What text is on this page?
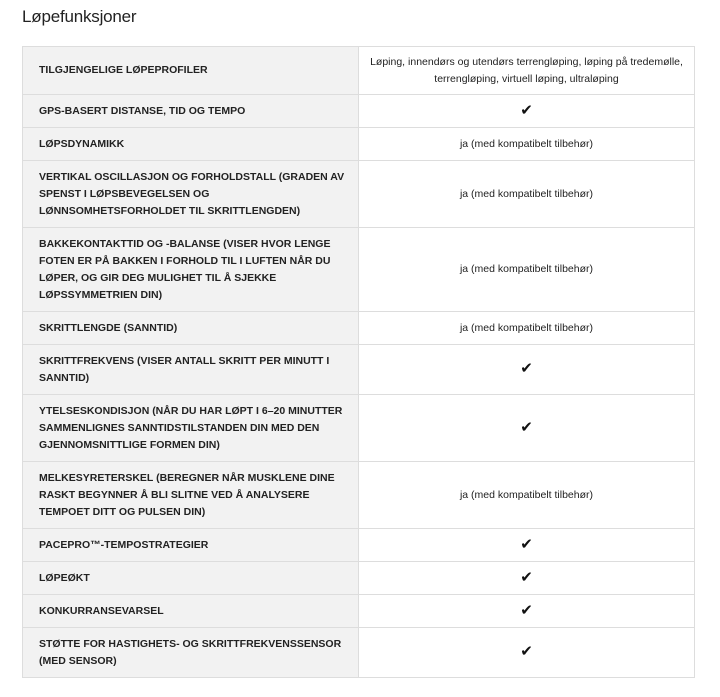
Løpefunksjoner
TILGJENGELIGE LØPEPROFILER	Løping, innendørs og utendørs terrengløping, løping på tredemølle, terrengløping, virtuell løping, ultraløping
GPS-BASERT DISTANSE, TID OG TEMPO	✔
LØPSDYNAMIKK	ja (med kompatibelt tilbehør)
VERTIKAL OSCILLASJON OG FORHOLDSTALL (GRADEN AV SPENST I LØPSBEVEGELSEN OG LØNNSOMHETSFORHOLDET TIL SKRITTLENGDEN)	ja (med kompatibelt tilbehør)
BAKKEKONTAKTTID OG -BALANSE (VISER HVOR LENGE FOTEN ER PÅ BAKKEN I FORHOLD TIL I LUFTEN NÅR DU LØPER, OG GIR DEG MULIGHET TIL Å SJEKKE LØPSSYMMETRIEN DIN)	ja (med kompatibelt tilbehør)
SKRITTLENGDE (SANNTID)	ja (med kompatibelt tilbehør)
SKRITTFREKVENS (VISER ANTALL SKRITT PER MINUTT I SANNTID)	✔
YTELSESKONDISJON (NÅR DU HAR LØPT I 6–20 MINUTTER SAMMENLIGNES SANNTIDSTILSTANDEN DIN MED DEN GJENNOMSNITTLIGE FORMEN DIN)	✔
MELKESYRETERSKEL (BEREGNER NÅR MUSKLENE DINE RASKT BEGYNNER Å BLI SLITNE VED Å ANALYSERE TEMPOET DITT OG PULSEN DIN)	ja (med kompatibelt tilbehør)
PACEPRO™-TEMPOSTRATEGIER	✔
LØPEØKT	✔
KONKURRANSEVARSEL	✔
STØTTE FOR HASTIGHETS- OG SKRITTFREKVENSSENSOR (MED SENSOR)	✔
